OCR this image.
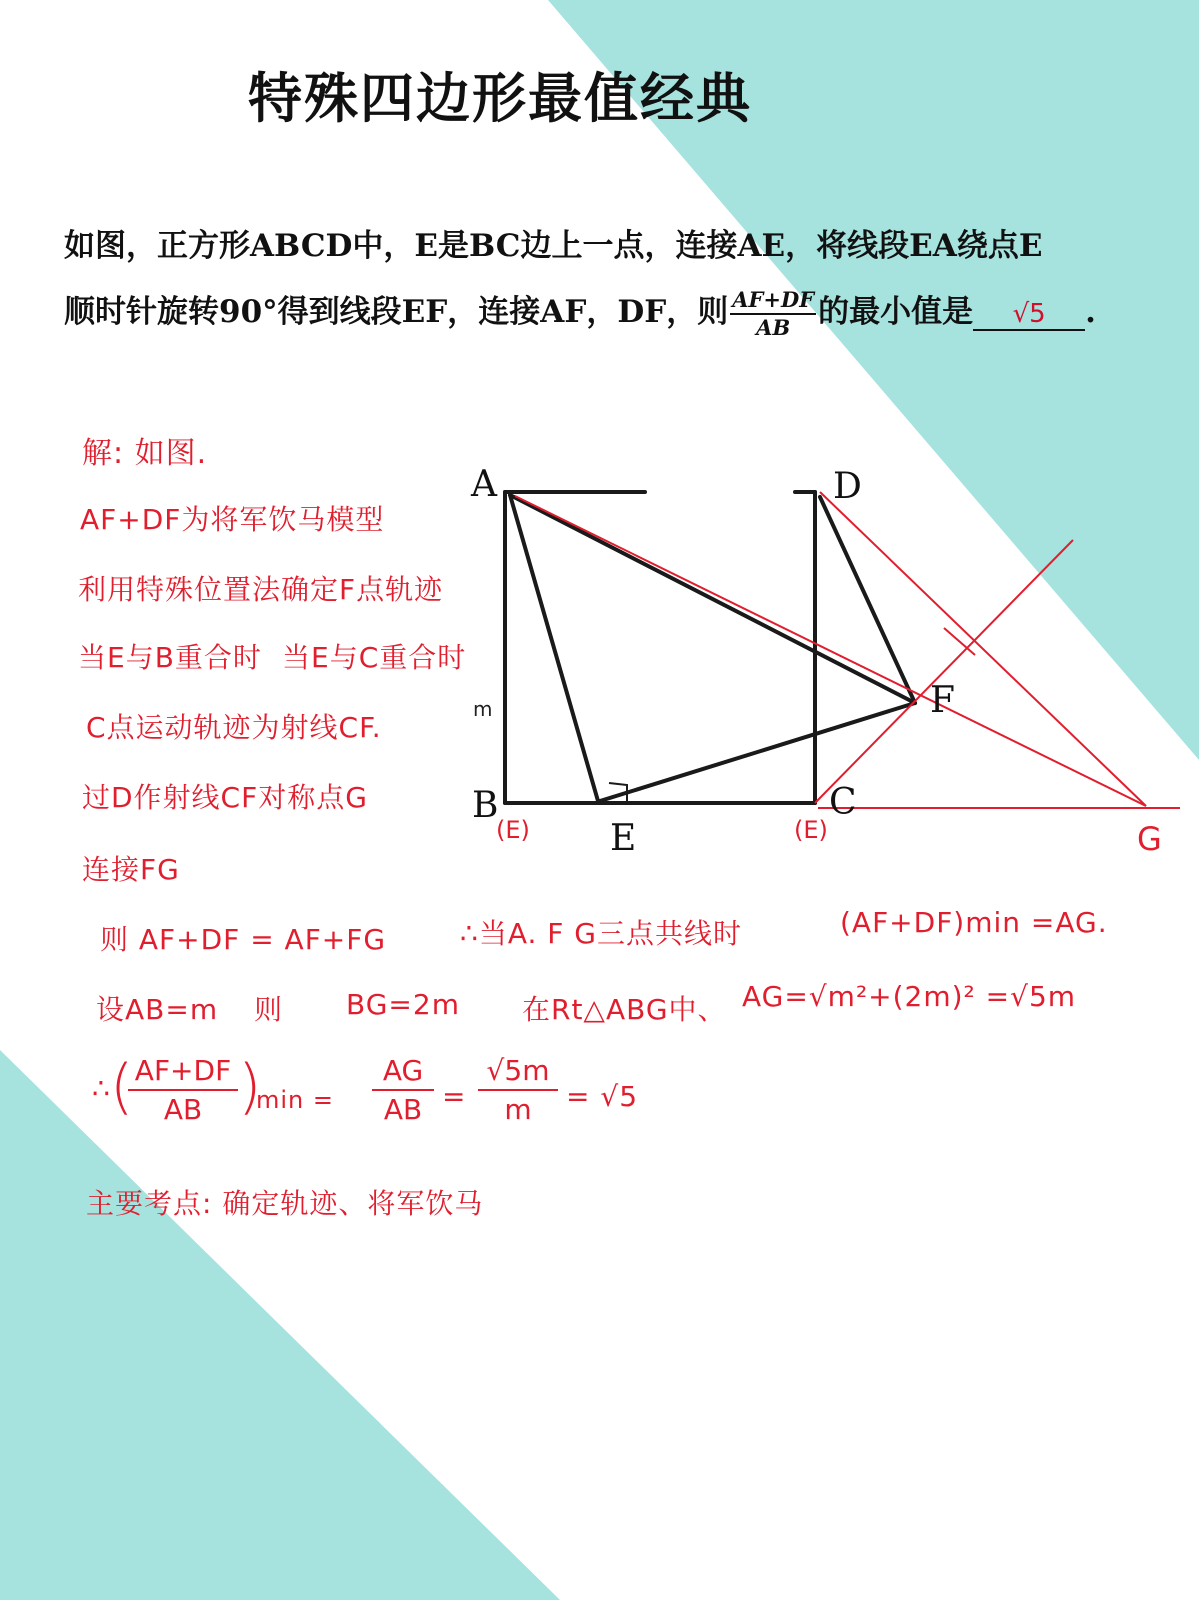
特殊四边形最值经典
如图，正方形ABCD中，E是BC边上一点，连接AE，将线段EA绕点E
顺时针旋转90°得到线段EF，连接AF，DF，则 $\frac{AF+DF}{AB}$ 的最小值是 √5 .
A
B	C
D
E
F
G
(E)	(E)
m
解: 如图.
AF+DF为将军饮马模型
利用特殊位置法确定F点轨迹
当E与B重合时 当E与C重合时
C点运动轨迹为射线CF.
过D作射线CF对称点G
连接FG
则 AF+DF = AF+FG	∴当A. F G三点共线时	(AF+DF)min =AG.
设AB=m 则 BG=2m 在Rt△ABG中、 AG=√m²+(2m)² =√5m
∴ (
$\frac{AF+DF}{AB}$ )
$\min = \frac{AG}{AB} = \frac{√5m}{m} = √5$
主要考点: 确定轨迹、将军饮马
